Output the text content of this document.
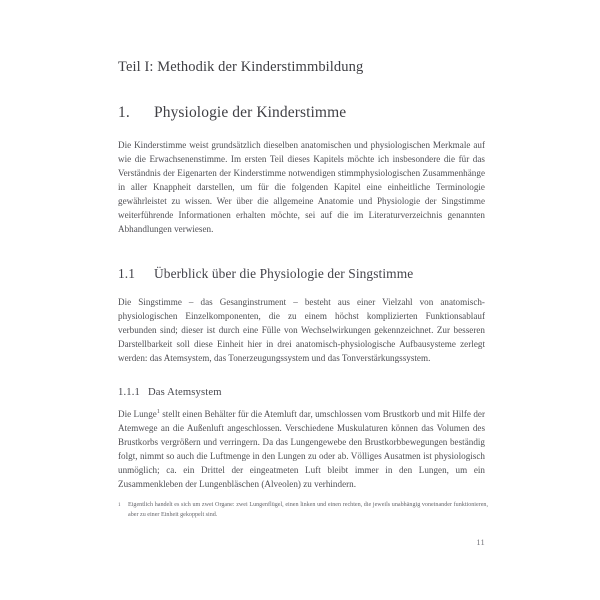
Teil I: Methodik der Kinderstimmbildung
1.	Physiologie der Kinderstimme

Die Kinderstimme weist grundsätzlich dieselben anatomischen und physiologischen Merkmale auf wie die Erwachsenenstimme. Im ersten Teil dieses Kapitels möchte ich insbesondere die für das Verständnis der Eigenarten der Kinderstimme notwendigen stimmphysiologischen Zusammenhänge in aller Knappheit darstellen, um für die folgenden Kapitel eine einheitliche Terminologie gewährleistet zu wissen. Wer über die allgemeine Anatomie und Physiologie der Singstimme weiterführende Informationen erhalten möchte, sei auf die im Literaturverzeichnis genannten Abhandlungen verwiesen.

1.1	Überblick über die Physiologie der Singstimme

Die Singstimme – das Gesanginstrument – besteht aus einer Vielzahl von anatomisch-physiologischen Einzelkomponenten, die zu einem höchst komplizierten Funktionsablauf verbunden sind; dieser ist durch eine Fülle von Wechselwirkungen gekennzeichnet. Zur besseren Darstellbarkeit soll diese Einheit hier in drei anatomisch-physiologische Aufbausysteme zerlegt werden: das Atemsystem, das Tonerzeugungssystem und das Tonverstärkungssystem.

1.1.1 Das Atemsystem

Die Lunge$^1$ stellt einen Behälter für die Atemluft dar, umschlossen vom Brustkorb und mit Hilfe der Atemwege an die Außenluft angeschlossen. Verschiedene Muskulaturen können das Volumen des Brustkorbs vergrößern und verringern. Da das Lungengewebe den Brustkorbbewegungen beständig folgt, nimmt so auch die Luftmenge in den Lungen zu oder ab. Völliges Ausatmen ist physiologisch unmöglich; ca. ein Drittel der eingeatmeten Luft bleibt immer in den Lungen, um ein Zusammenkleben der Lungenbläschen (Alveolen) zu verhindern.

1	Eigentlich handelt es sich um zwei Organe: zwei Lungenflügel, einen linken und einen rechten, die jeweils unabhängig voneinander funktionieren, aber zu einer Einheit gekoppelt sind.
11
